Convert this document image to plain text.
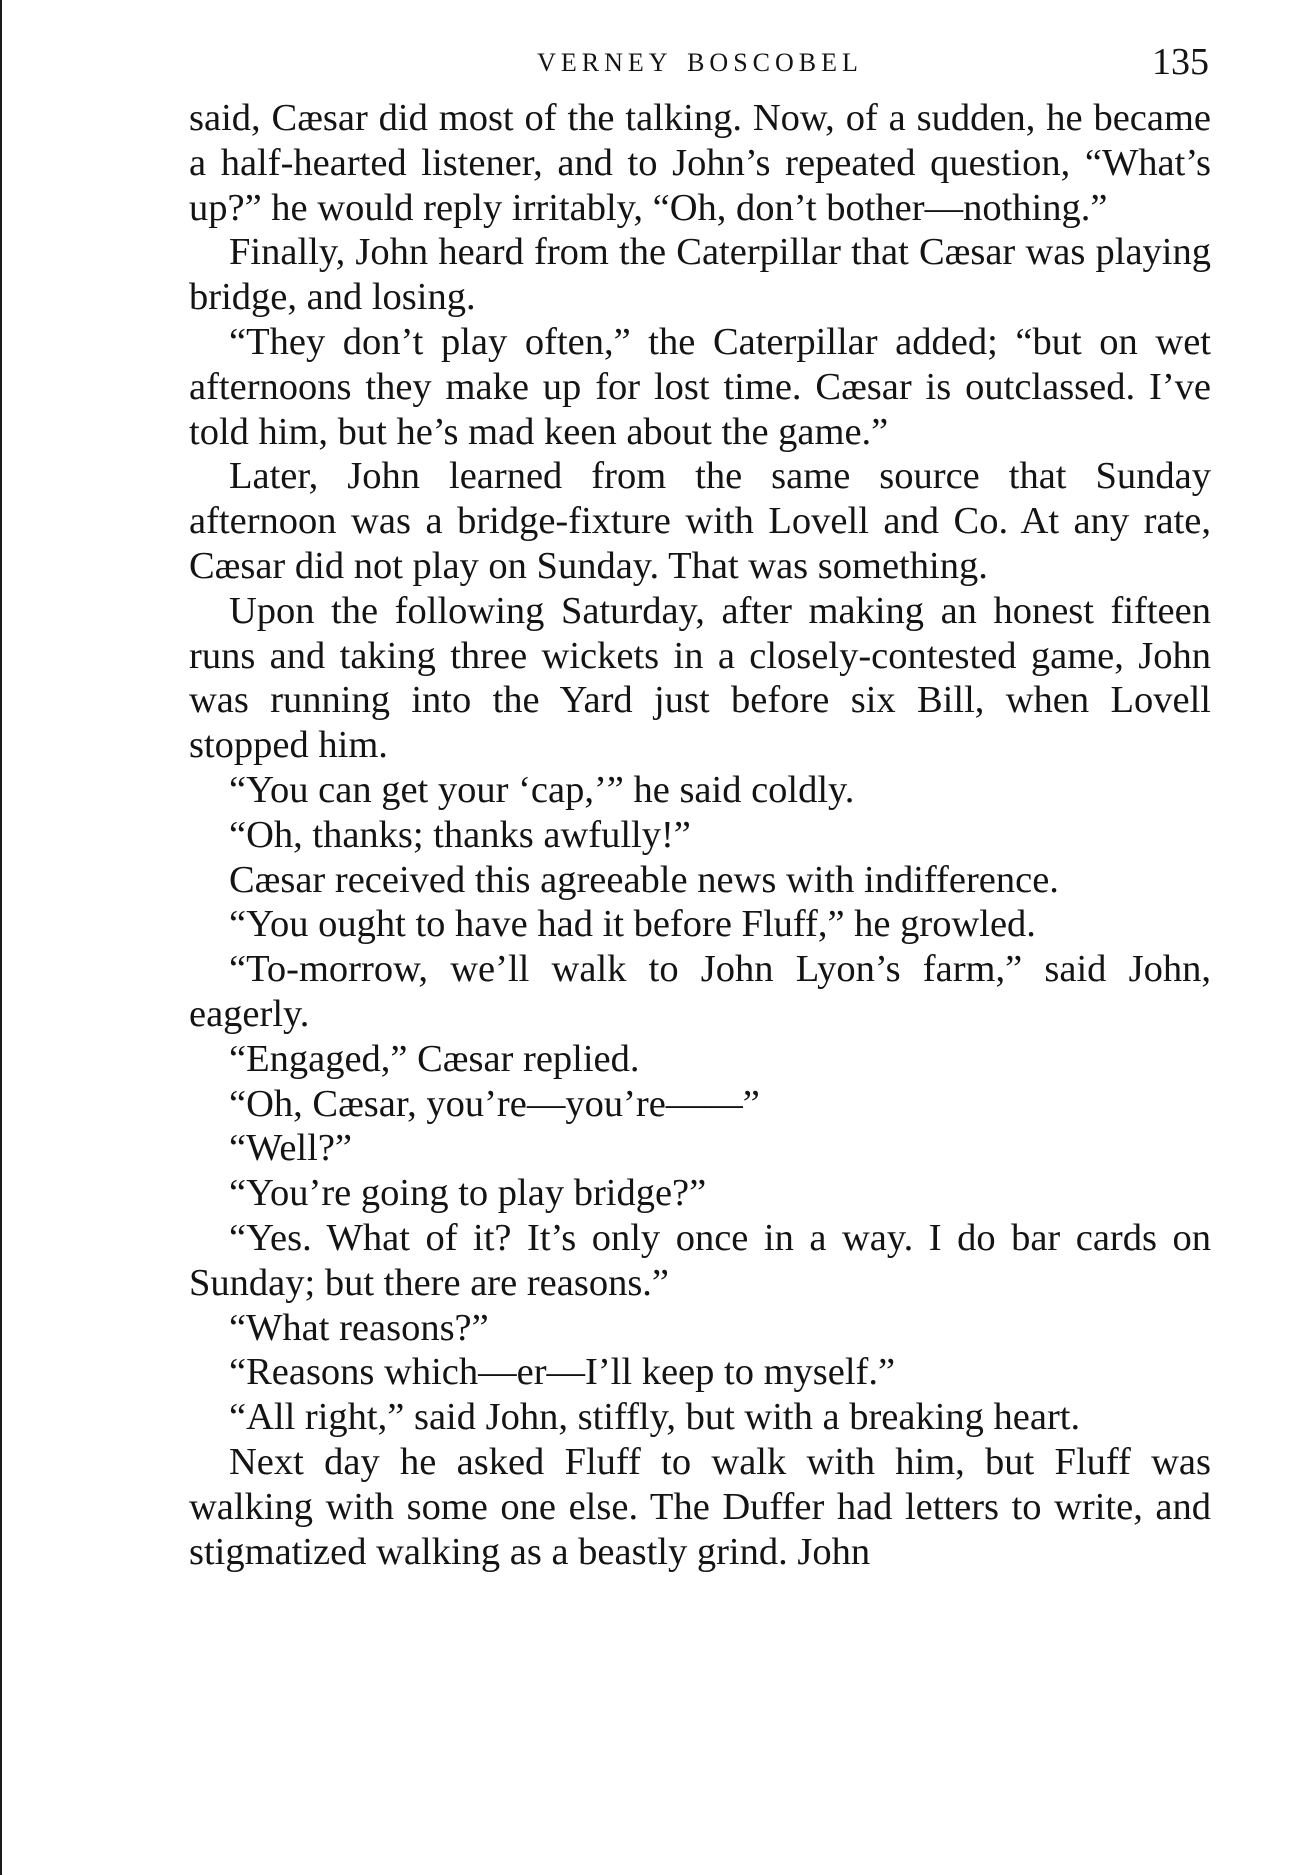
VERNEY BOSCOBEL	135

said, Cæsar did most of the talking. Now, of a sudden, he became a half-hearted listener, and to John’s repeated question, “What’s up?” he would reply irritably, “Oh, don’t bother—nothing.”

Finally, John heard from the Caterpillar that Cæsar was playing bridge, and losing.

“They don’t play often,” the Caterpillar added; “but on wet afternoons they make up for lost time. Cæsar is outclassed. I’ve told him, but he’s mad keen about the game.”

Later, John learned from the same source that Sunday afternoon was a bridge-fixture with Lovell and Co. At any rate, Cæsar did not play on Sunday. That was something.

Upon the following Saturday, after making an honest fifteen runs and taking three wickets in a closely-contested game, John was running into the Yard just before six Bill, when Lovell stopped him.

“You can get your ‘cap,’” he said coldly.

“Oh, thanks; thanks awfully!”

Cæsar received this agreeable news with indifference.

“You ought to have had it before Fluff,” he growled.

“To-morrow, we’ll walk to John Lyon’s farm,” said John, eagerly.

“Engaged,” Cæsar replied.

“Oh, Cæsar, you’re—you’re——”

“Well?”

“You’re going to play bridge?”

“Yes. What of it? It’s only once in a way. I do bar cards on Sunday; but there are reasons.”

“What reasons?”

“Reasons which—er—I’ll keep to myself.”

“All right,” said John, stiffly, but with a breaking heart.

Next day he asked Fluff to walk with him, but Fluff was walking with some one else. The Duffer had letters to write, and stigmatized walking as a beastly grind. John
